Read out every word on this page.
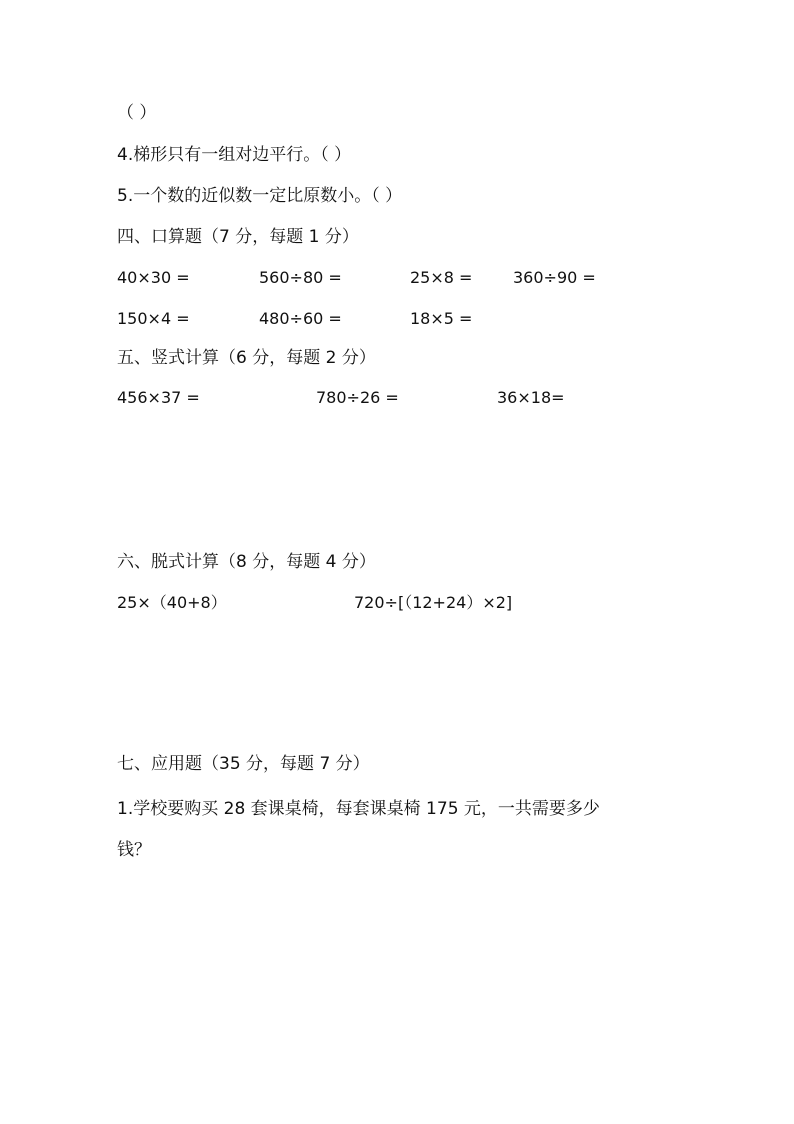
（ ）
4.梯形只有一组对边平行。（ ）
5.一个数的近似数一定比原数小。（ ）
四、口算题（7 分，每题 1 分）
40×30 =	560÷80 =	25×8 =	360÷90 =
150×4 =	480÷60 =	18×5 =
五、竖式计算（6 分，每题 2 分）
456×37 =	780÷26 =	36×18=
六、脱式计算（8 分，每题 4 分）
25×（40+8）	720÷[（12+24）×2]
七、应用题（35 分，每题 7 分）
1.学校要购买 28 套课桌椅，每套课桌椅 175 元，一共需要多少
钱？
